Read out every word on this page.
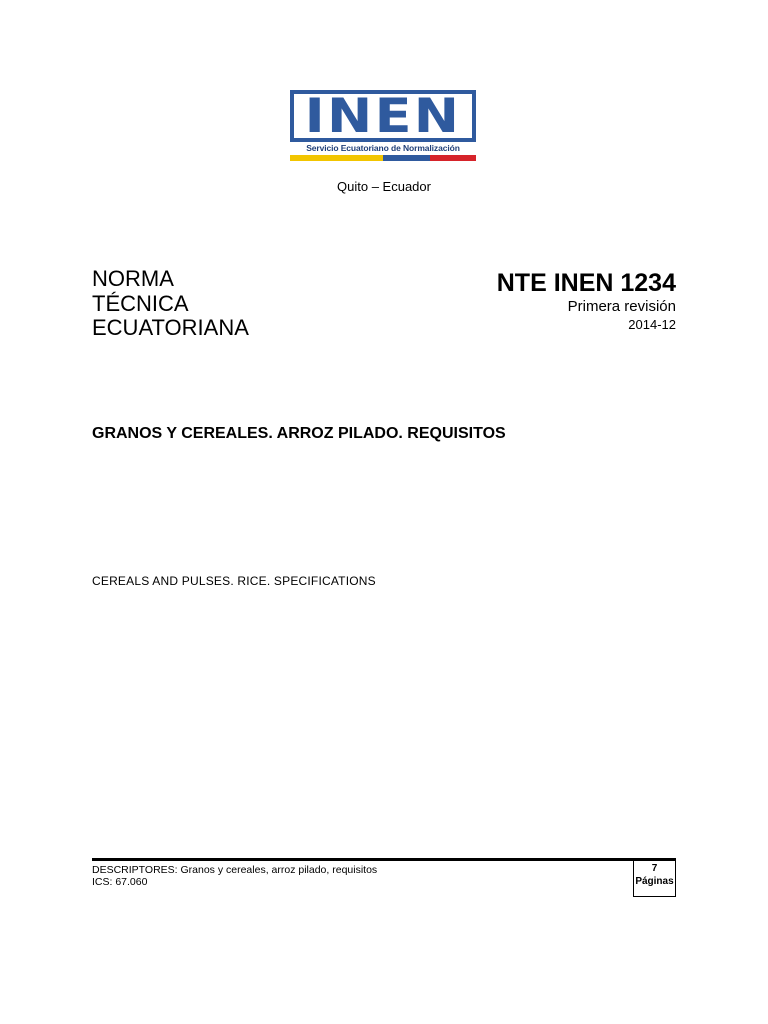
INEN
Servicio Ecuatoriano de Normalización
Quito – Ecuador
NORMA
TÉCNICA
ECUATORIANA
NTE INEN 1234
Primera revisión
2014-12
GRANOS Y CEREALES. ARROZ PILADO. REQUISITOS
CEREALS AND PULSES. RICE. SPECIFICATIONS
DESCRIPTORES: Granos y cereales, arroz pilado, requisitos
ICS: 67.060
7
Páginas
